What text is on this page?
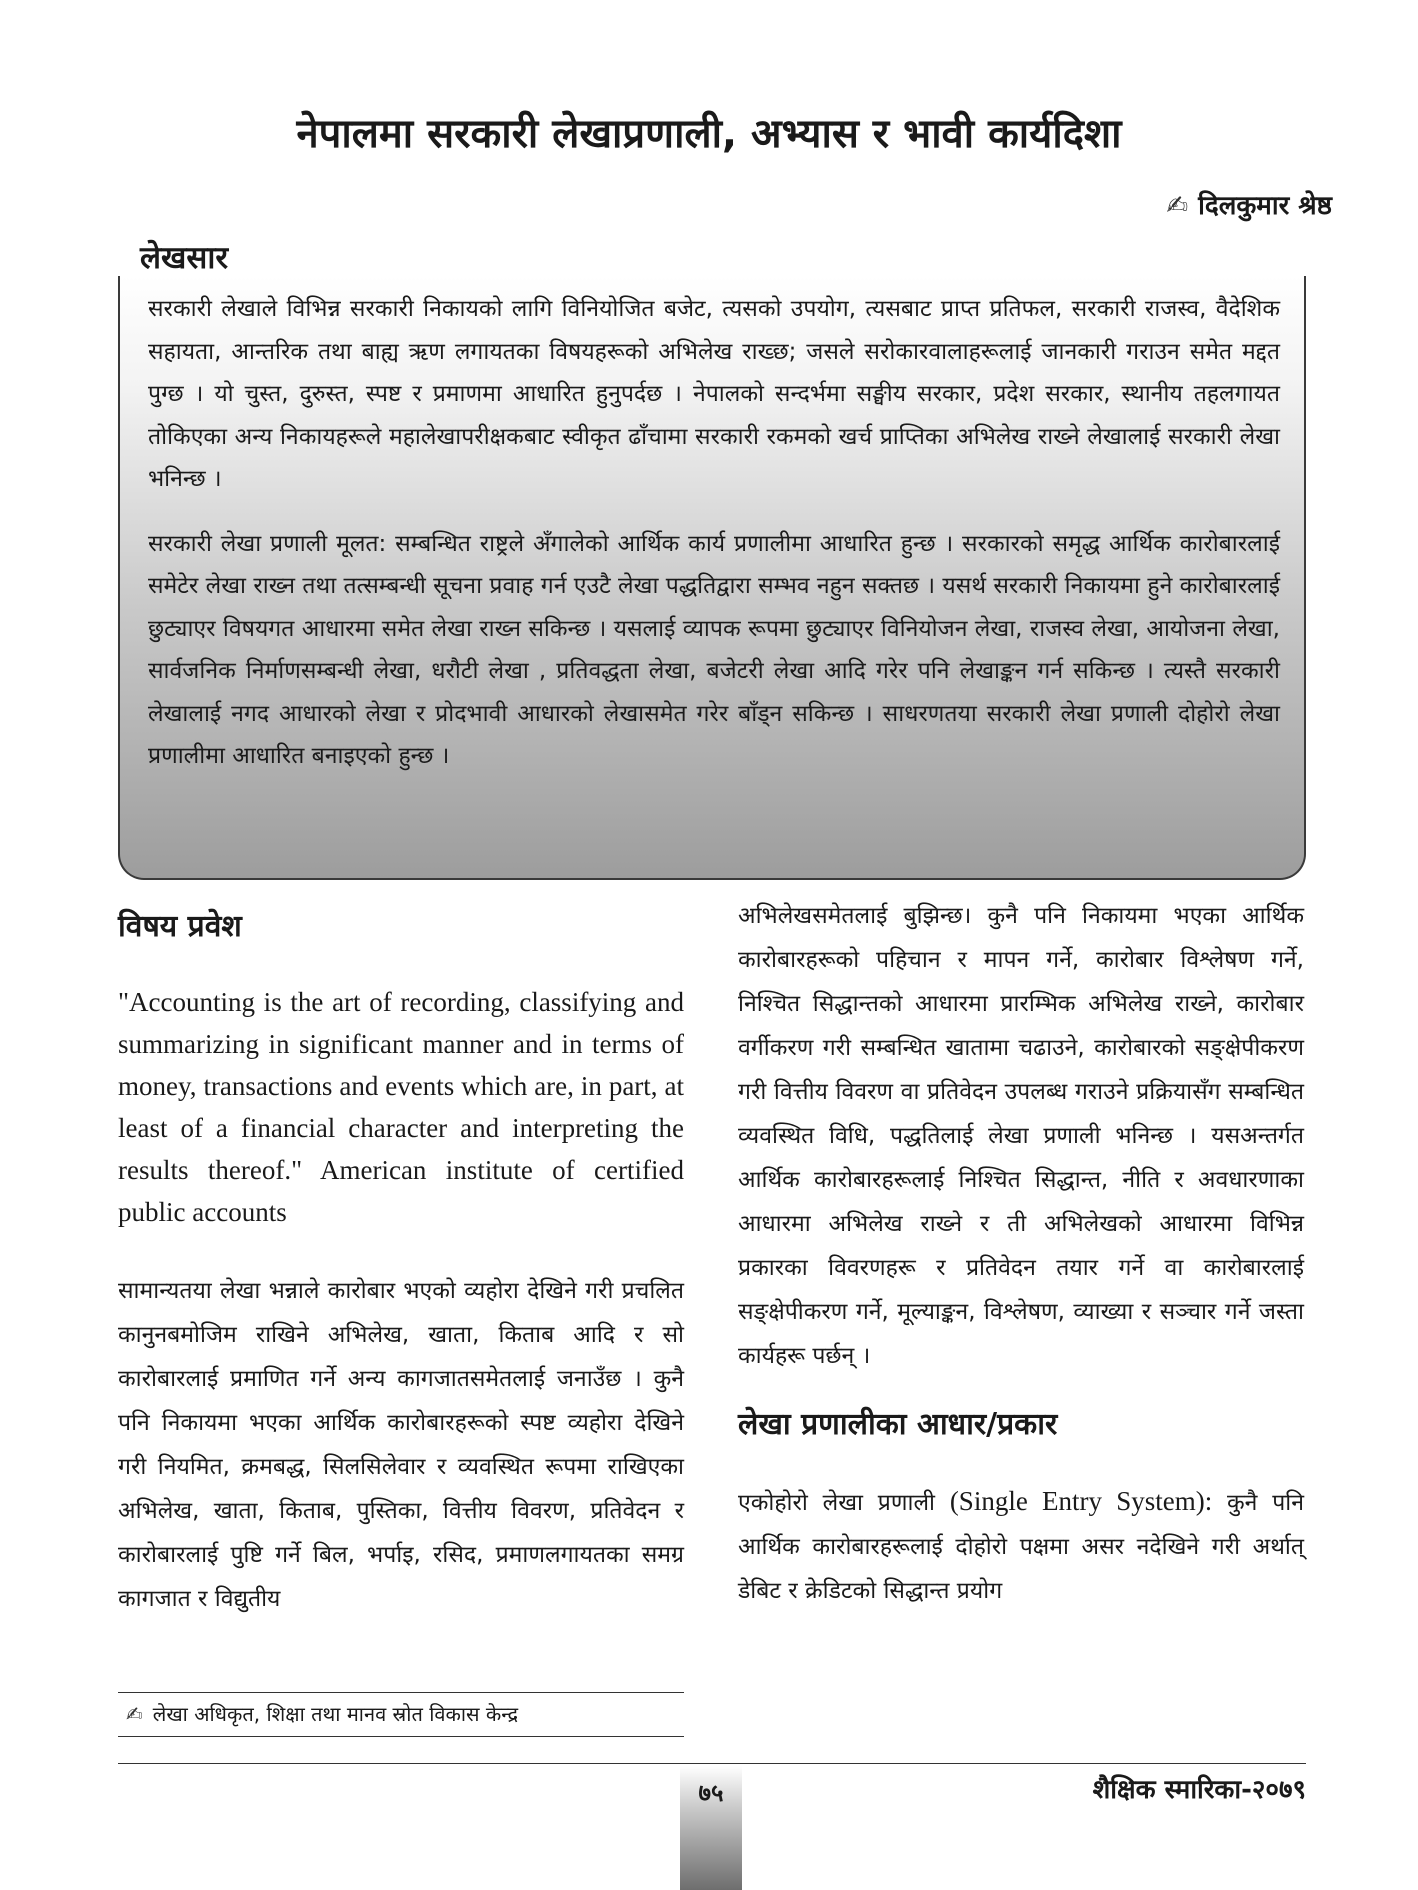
नेपालमा सरकारी लेखाप्रणाली, अभ्यास र भावी कार्यदिशा
✍ दिलकुमार श्रेष्ठ
लेखसार

सरकारी लेखाले विभिन्न सरकारी निकायको लागि विनियोजित बजेट, त्यसको उपयोग, त्यसबाट प्राप्त प्रतिफल, सरकारी राजस्व, वैदेशिक सहायता, आन्तरिक तथा बाह्य ऋण लगायतका विषयहरूको अभिलेख राख्छ; जसले सरोकारवालाहरूलाई जानकारी गराउन समेत मद्दत पुग्छ । यो चुस्त, दुरुस्त, स्पष्ट र प्रमाणमा आधारित हुनुपर्दछ । नेपालको सन्दर्भमा सङ्घीय सरकार, प्रदेश सरकार, स्थानीय तहलगायत तोकिएका अन्य निकायहरूले महालेखापरीक्षकबाट स्वीकृत ढाँचामा सरकारी रकमको खर्च प्राप्तिका अभिलेख राख्ने लेखालाई सरकारी लेखा भनिन्छ ।

सरकारी लेखा प्रणाली मूलत: सम्बन्धित राष्ट्रले अँगालेको आर्थिक कार्य प्रणालीमा आधारित हुन्छ । सरकारको समृद्ध आर्थिक कारोबारलाई समेटेर लेखा राख्न तथा तत्सम्बन्धी सूचना प्रवाह गर्न एउटै लेखा पद्धतिद्वारा सम्भव नहुन सक्तछ । यसर्थ सरकारी निकायमा हुने कारोबारलाई छुट्याएर विषयगत आधारमा समेत लेखा राख्न सकिन्छ । यसलाई व्यापक रूपमा छुट्याएर विनियोजन लेखा, राजस्व लेखा, आयोजना लेखा, सार्वजनिक निर्माणसम्बन्धी लेखा, धरौटी लेखा , प्रतिवद्धता लेखा, बजेटरी लेखा आदि गरेर पनि लेखाङ्कन गर्न सकिन्छ । त्यस्तै सरकारी लेखालाई नगद आधारको लेखा र प्रोदभावी आधारको लेखासमेत गरेर बाँड्न सकिन्छ । साधरणतया सरकारी लेखा प्रणाली दोहोरो लेखा प्रणालीमा आधारित बनाइएको हुन्छ ।

विषय प्रवेश

"Accounting is the art of recording, classifying and summarizing in significant manner and in terms of money, transactions and events which are, in part, at least of a financial character and interpreting the results thereof." American institute of certified public accounts

सामान्यतया लेखा भन्नाले कारोबार भएको व्यहोरा देखिने गरी प्रचलित कानुनबमोजिम राखिने अभिलेख, खाता, किताब आदि र सो कारोबारलाई प्रमाणित गर्ने अन्य कागजातसमेतलाई जनाउँछ । कुनै पनि निकायमा भएका आर्थिक कारोबारहरूको स्पष्ट व्यहोरा देखिने गरी नियमित, क्रमबद्ध, सिलसिलेवार र व्यवस्थित रूपमा राखिएका अभिलेख, खाता, किताब, पुस्तिका, वित्तीय विवरण, प्रतिवेदन र कारोबारलाई पुष्टि गर्ने बिल, भर्पाइ, रसिद, प्रमाणलगायतका समग्र कागजात र विद्युतीय

अभिलेखसमेतलाई बुझिन्छ। कुनै पनि निकायमा भएका आर्थिक कारोबारहरूको पहिचान र मापन गर्ने, कारोबार विश्लेषण गर्ने, निश्चित सिद्धान्तको आधारमा प्रारम्भिक अभिलेख राख्ने, कारोबार वर्गीकरण गरी सम्बन्धित खातामा चढाउने, कारोबारको सङ्क्षेपीकरण गरी वित्तीय विवरण वा प्रतिवेदन उपलब्ध गराउने प्रक्रियासँग सम्बन्धित व्यवस्थित विधि, पद्धतिलाई लेखा प्रणाली भनिन्छ । यसअन्तर्गत आर्थिक कारोबारहरूलाई निश्चित सिद्धान्त, नीति र अवधारणाका आधारमा अभिलेख राख्ने र ती अभिलेखको आधारमा विभिन्न प्रकारका विवरणहरू र प्रतिवेदन तयार गर्ने वा कारोबारलाई सङ्क्षेपीकरण गर्ने, मूल्याङ्कन, विश्लेषण, व्याख्या र सञ्चार गर्ने जस्ता कार्यहरू पर्छन् ।

लेखा प्रणालीका आधार/प्रकार

एकोहोरो लेखा प्रणाली (Single Entry System): कुनै पनि आर्थिक कारोबारहरूलाई दोहोरो पक्षमा असर नदेखिने गरी अर्थात् डेबिट र क्रेडिटको सिद्धान्त प्रयोग

✍ लेखा अधिकृत, शिक्षा तथा मानव स्रोत विकास केन्द्र
७५	शैक्षिक स्मारिका-२०७९
